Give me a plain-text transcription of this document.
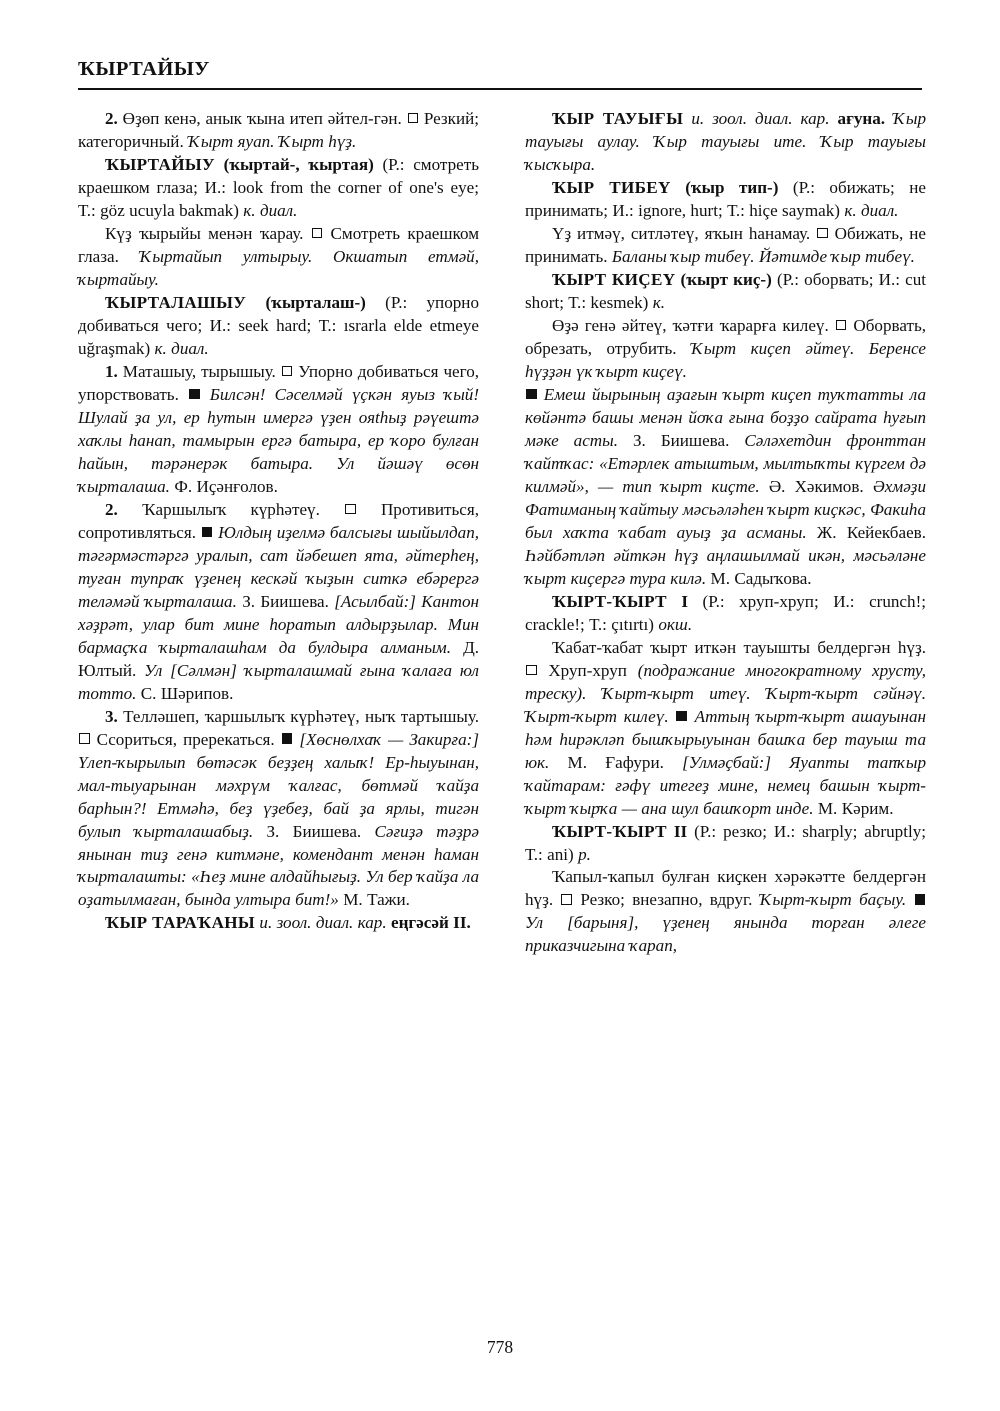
ҠЫРТАЙЫУ

2. Өҙөп кенә, анык ҡына итеп әйтел-гән. Резкий; категоричный. Ҡырт яуап. Ҡырт һүҙ.

ҠЫРТАЙЫУ (ҡыртай-, ҡыртая) (Р.: смотреть краешком глаза; И.: look from the corner of one's eye; Т.: göz ucuyla bakmak) к. диал.

Күҙ ҡырыйы менән ҡарау. Смотреть краешком глаза. Ҡыртайып ултырыу. Окшатып етмәй, ҡыртайыу.

ҠЫРТАЛАШЫУ (ҡырталаш-) (Р.: упорно добиваться чего; И.: seek hard; Т.: ısrarla elde etmeye uğraşmak) к. диал.

1. Маташыу, тырышыу. Упорно добиваться чего, упорствовать. Билсән! Сәселмәй үҫкән яуыз ҡый! Шулай ҙа ул, ер һутын имергә үҙен ояthыҙ рәүештә хаҡлы һанап, тамырын ергә батыра, ер ҡоро булған һайын, тәрәнерәк батыра. Ул йәшәү өсөн ҡырталаша. Ф. Иҫәнғолов.

2. Ҡаршылыҡ күрһәтеү.	Противиться, сопротивляться. Юлдың иҙелмә балсығы шыйылдап, тәгәрмәстәргә уралып, сат йәбешеп ята, әйтерһең, туған тупраҡ үҙенең кескәй ҡыҙын ситкә ебәрергә теләмәй ҡырталаша. З. Биишева. [Асылбай:] Кантон хәҙрәт, улар бит мине һоратып алдырҙылар. Мин бармаҫҡа ҡырталашһам да булдыра алманым. Д. Юлтый. Ул [Сәлмән] ҡырталашмай ғына ҡалаға юл тотто. С. Шәрипов.

3. Телләшеп, ҡаршылыҡ күрһәтеү, ныҡ тартышыу.  Ссориться, пререкаться. [Хөснөлхаҡ — Закирға:] Үлеп-ҡырылып бөтәсәк беҙҙең халыҡ! Ер-һыуынан, мал-тыуарынан мәхрүм ҡалғас, бөтмәй ҡайҙа барһын?! Етмәһә, беҙ үҙебеҙ, бай ҙа ярлы, тигән булып ҡырталашабыҙ. З. Биишева. Сәғиҙә тәҙрә янынан тиҙ генә китмәне, комендант менән һаман ҡырталашты: «Һеҙ мине алдайһығыҙ. Ул бер ҡайҙа ла оҙатылмаған, бында ултыра бит!» М. Тажи.

ҠЫР ТАРАҠАНЫ и. зоол. диал. кар. еңгәсәй II.

ҠЫР ТАУЫҒЫ и. зоол. диал. кар. ағуна. Ҡыр тауығы аулау. Ҡыр тауығы ите. Ҡыр тауығы ҡысҡыра.

ҠЫР ТИБЕҮ (ҡыр тип-) (Р.: обижать; не принимать; И.: ignore, hurt; Т.: hiçe saymak) к. диал.

Үҙ итмәү, ситләтеү, яҡын һанамау. Обижать, не принимать. Баланы ҡыр тибеү. Йәтимде ҡыр тибеү.

ҠЫРТ КИҪЕҮ (ҡырт киҫ-) (Р.: оборвать; И.: cut short; Т.: kesmek) к.

Өҙә генә әйтеү, ҡәтғи ҡарарға килеү. Оборвать, обрезать, отрубить. Ҡырт киҫеп әйтеү. Беренсе һүҙҙән үк ҡырт киҫеү.

Емеш йырының аҙағын ҡырт киҫеп туҡтатты ла көйәнтә башы менән йоҡа ғына боҙҙо сайрата һуғып мәке асты. З. Биишева. Сәләхетдин фронттан ҡайтҡас: «Етәрлек атыштым, мылтыҡты күргем дә килмәй», — тип ҡырт киҫте. Ә. Хәкимов. Әхмәҙи Фатиманың ҡайтыу мәсьәләһен ҡырт киҫкәс, Факиһа был хаҡта ҡабат ауыҙ ҙа асманы. Ж. Кейекбаев. Һәйбәтләп әйткән һүҙ аңлашылмай икән, мәсьәләне ҡырт киҫергә тура килә. М. Садыҡова.

ҠЫРТ-ҠЫРТ I (Р.: хруп-хруп; И.: crunch!; crackle!; Т.: çıtırtı) окш.

Ҡабат-ҡабат ҡырт иткән тауышты белдергән һүҙ.  Хруп-хруп (подражание многократному хрусту, треску). Ҡырт-ҡырт итеү. Ҡырт-ҡырт сәйнәү. Ҡырт-ҡырт килеү. Аттың ҡырт-ҡырт ашауынан һәм һирәкләп бышҡырыуынан башҡа бер тауыш та юк. М. Ғафури. [Улмәҫбай:] Яуапты тапҡыр ҡайтарам: ғәфү итегеҙ мине, немец башын ҡырт-ҡырт ҡырҡа — ана шул башҡорт инде. М. Кәрим.

ҠЫРТ-ҠЫРТ II (Р.: резко; И.: sharply; abruptly; Т.: ani) р.

Ҡапыл-ҡапыл булған киҫкен хәрәкәтте белдергән һүҙ. Резко; внезапно, вдруг. Ҡырт-ҡырт баҫыу.  Ул [барыня], үҙенең янында торған әлеге приказчигына ҡарап,

778
